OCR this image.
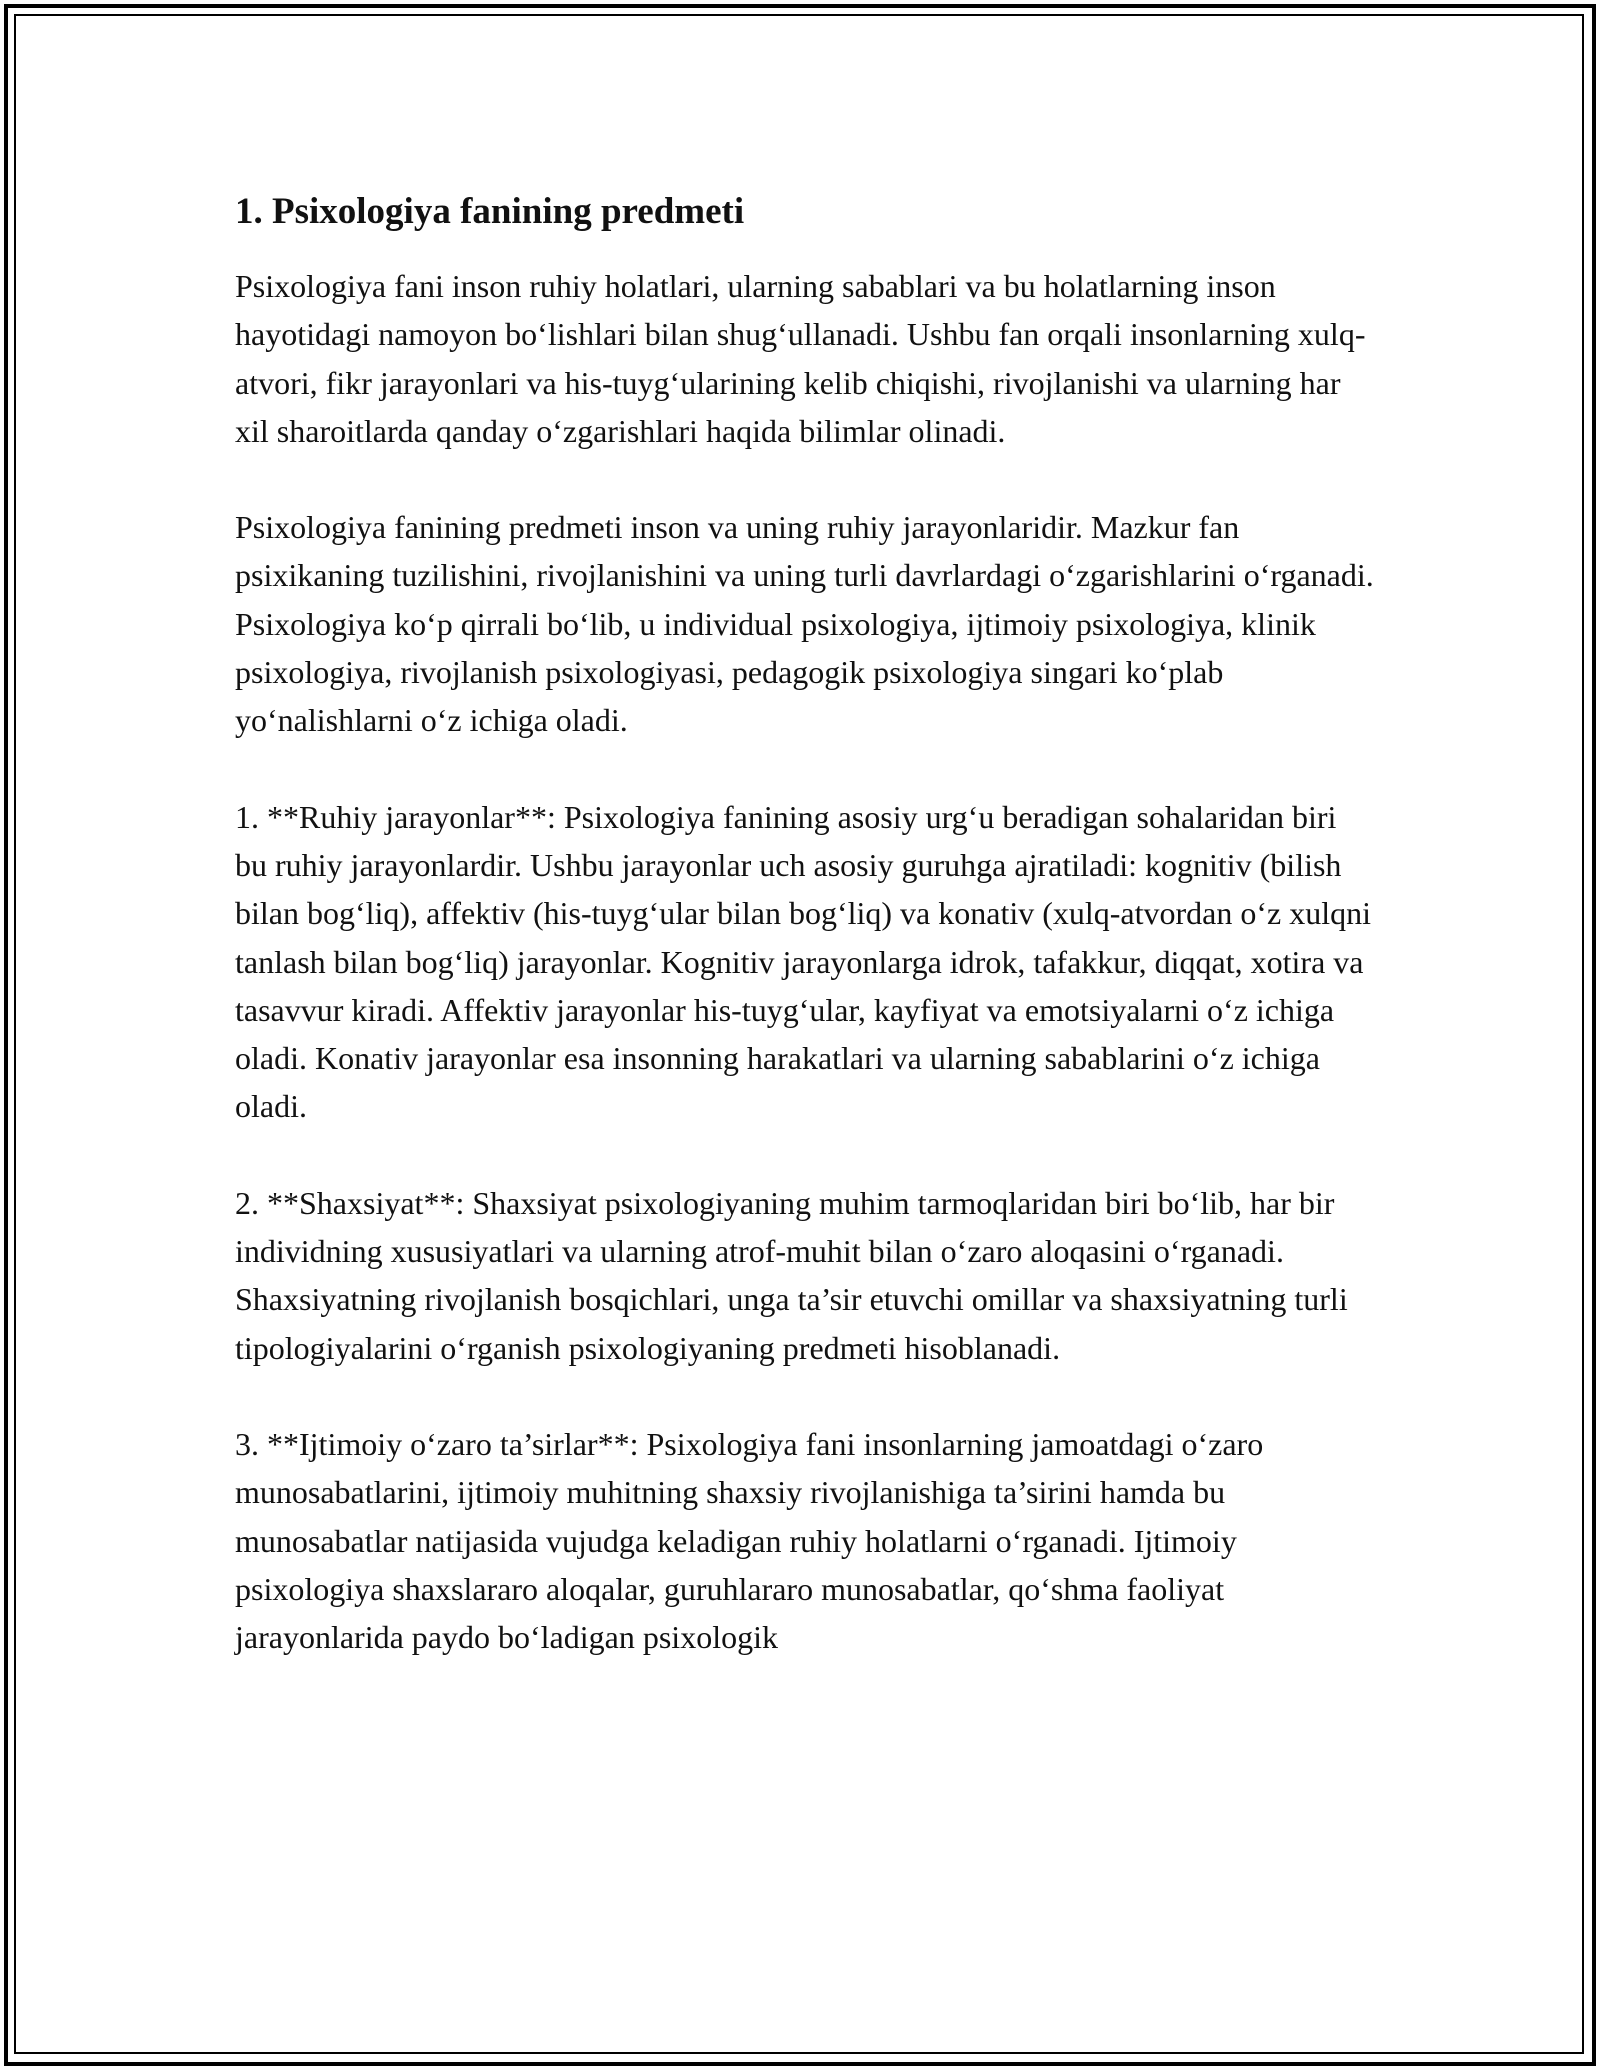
1. Psixologiya fanining predmeti

Psixologiya fani inson ruhiy holatlari, ularning sabablari va bu holatlarning inson hayotidagi namoyon bo‘lishlari bilan shug‘ullanadi. Ushbu fan orqali insonlarning xulq-atvori, fikr jarayonlari va his-tuyg‘ularining kelib chiqishi, rivojlanishi va ularning har xil sharoitlarda qanday o‘zgarishlari haqida bilimlar olinadi.

Psixologiya fanining predmeti inson va uning ruhiy jarayonlaridir. Mazkur fan psixikaning tuzilishini, rivojlanishini va uning turli davrlardagi o‘zgarishlarini o‘rganadi. Psixologiya ko‘p qirrali bo‘lib, u individual psixologiya, ijtimoiy psixologiya, klinik psixologiya, rivojlanish psixologiyasi, pedagogik psixologiya singari ko‘plab yo‘nalishlarni o‘z ichiga oladi.

1. **Ruhiy jarayonlar**: Psixologiya fanining asosiy urg‘u beradigan sohalaridan biri bu ruhiy jarayonlardir. Ushbu jarayonlar uch asosiy guruhga ajratiladi: kognitiv (bilish bilan bog‘liq), affektiv (his-tuyg‘ular bilan bog‘liq) va konativ (xulq-atvordan o‘z xulqni tanlash bilan bog‘liq) jarayonlar. Kognitiv jarayonlarga idrok, tafakkur, diqqat, xotira va tasavvur kiradi. Affektiv jarayonlar his-tuyg‘ular, kayfiyat va emotsiyalarni o‘z ichiga oladi. Konativ jarayonlar esa insonning harakatlari va ularning sabablarini o‘z ichiga oladi.

2. **Shaxsiyat**: Shaxsiyat psixologiyaning muhim tarmoqlaridan biri bo‘lib, har bir individning xususiyatlari va ularning atrof-muhit bilan o‘zaro aloqasini o‘rganadi. Shaxsiyatning rivojlanish bosqichlari, unga ta’sir etuvchi omillar va shaxsiyatning turli tipologiyalarini o‘rganish psixologiyaning predmeti hisoblanadi.

3. **Ijtimoiy o‘zaro ta’sirlar**: Psixologiya fani insonlarning jamoatdagi o‘zaro munosabatlarini, ijtimoiy muhitning shaxsiy rivojlanishiga ta’sirini hamda bu munosabatlar natijasida vujudga keladigan ruhiy holatlarni o‘rganadi. Ijtimoiy psixologiya shaxslararo aloqalar, guruhlararo munosabatlar, qo‘shma faoliyat jarayonlarida paydo bo‘ladigan psixologik
